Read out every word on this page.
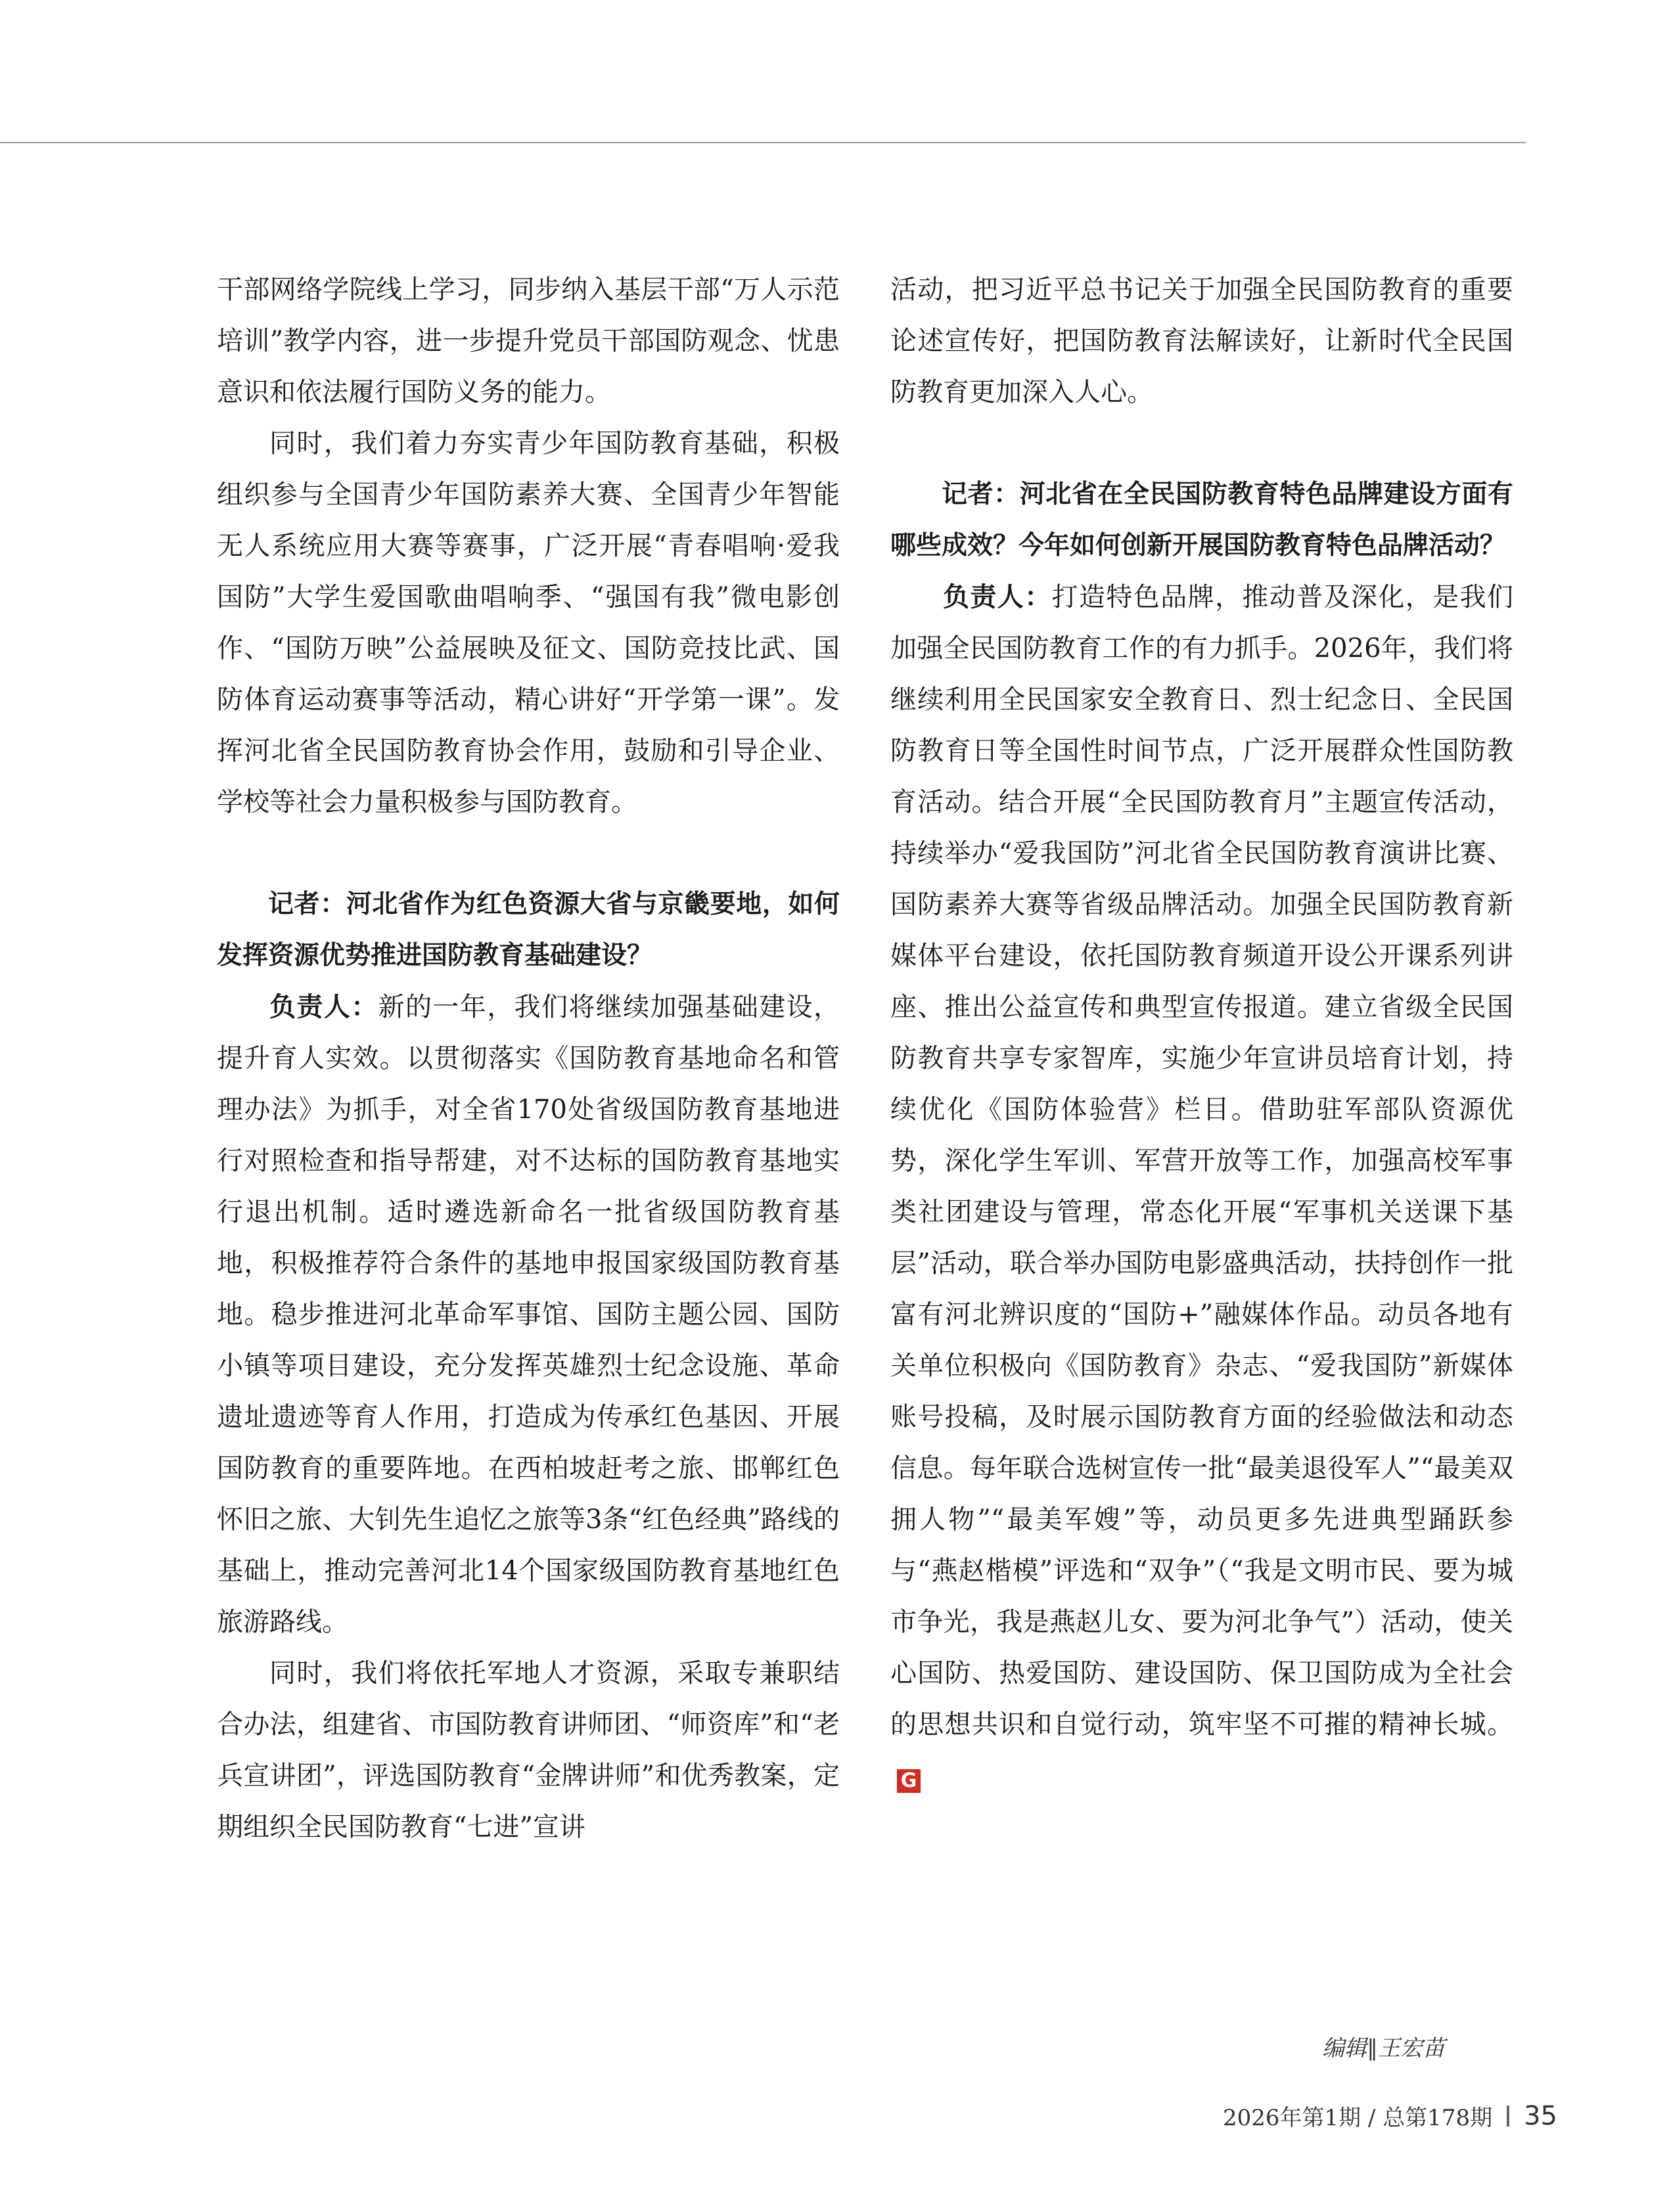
干部网络学院线上学习，同步纳入基层干部“万人示范培训”教学内容，进一步提升党员干部国防观念、忧患意识和依法履行国防义务的能力。

同时，我们着力夯实青少年国防教育基础，积极组织参与全国青少年国防素养大赛、全国青少年智能无人系统应用大赛等赛事，广泛开展“青春唱响·爱我国防”大学生爱国歌曲唱响季、“强国有我”微电影创作、“国防万映”公益展映及征文、国防竞技比武、国防体育运动赛事等活动，精心讲好“开学第一课”。发挥河北省全民国防教育协会作用，鼓励和引导企业、学校等社会力量积极参与国防教育。

记者：河北省作为红色资源大省与京畿要地，如何发挥资源优势推进国防教育基础建设？

负责人：新的一年，我们将继续加强基础建设，提升育人实效。以贯彻落实《国防教育基地命名和管理办法》为抓手，对全省170处省级国防教育基地进行对照检查和指导帮建，对不达标的国防教育基地实行退出机制。适时遴选新命名一批省级国防教育基地，积极推荐符合条件的基地申报国家级国防教育基地。稳步推进河北革命军事馆、国防主题公园、国防小镇等项目建设，充分发挥英雄烈士纪念设施、革命遗址遗迹等育人作用，打造成为传承红色基因、开展国防教育的重要阵地。在西柏坡赶考之旅、邯郸红色怀旧之旅、大钊先生追忆之旅等3条“红色经典”路线的基础上，推动完善河北14个国家级国防教育基地红色旅游路线。

同时，我们将依托军地人才资源，采取专兼职结合办法，组建省、市国防教育讲师团、“师资库”和“老兵宣讲团”，评选国防教育“金牌讲师”和优秀教案，定期组织全民国防教育“七进”宣讲

活动，把习近平总书记关于加强全民国防教育的重要论述宣传好，把国防教育法解读好，让新时代全民国防教育更加深入人心。

记者：河北省在全民国防教育特色品牌建设方面有哪些成效？今年如何创新开展国防教育特色品牌活动？

负责人：打造特色品牌，推动普及深化，是我们加强全民国防教育工作的有力抓手。2026年，我们将继续利用全民国家安全教育日、烈士纪念日、全民国防教育日等全国性时间节点，广泛开展群众性国防教育活动。结合开展“全民国防教育月”主题宣传活动，持续举办“爱我国防”河北省全民国防教育演讲比赛、国防素养大赛等省级品牌活动。加强全民国防教育新媒体平台建设，依托国防教育频道开设公开课系列讲座、推出公益宣传和典型宣传报道。建立省级全民国防教育共享专家智库，实施少年宣讲员培育计划，持续优化《国防体验营》栏目。借助驻军部队资源优势，深化学生军训、军营开放等工作，加强高校军事类社团建设与管理，常态化开展“军事机关送课下基层”活动，联合举办国防电影盛典活动，扶持创作一批富有河北辨识度的“国防+”融媒体作品。动员各地有关单位积极向《国防教育》杂志、“爱我国防”新媒体账号投稿，及时展示国防教育方面的经验做法和动态信息。每年联合选树宣传一批“最美退役军人”“最美双拥人物”“最美军嫂”等，动员更多先进典型踊跃参与“燕赵楷模”评选和“双争”（“我是文明市民、要为城市争光，我是燕赵儿女、要为河北争气”）活动，使关心国防、热爱国防、建设国防、保卫国防成为全社会的思想共识和自觉行动，筑牢坚不可摧的精神长城。G

编辑∥王宏苗
2026年第1期 / 总第178期 35
